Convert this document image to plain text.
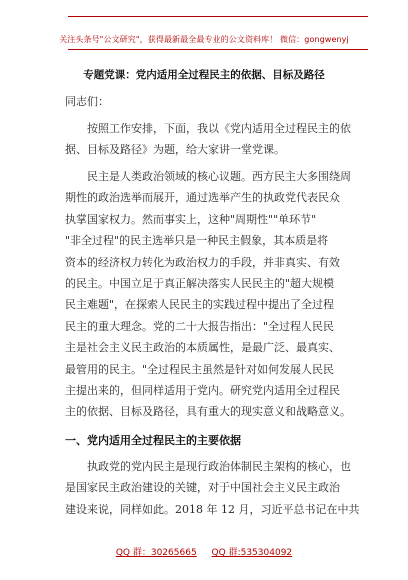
关注头条号"公文研究"，获得最新最全最专业的公文资料库！ 微信：gongwenyj
专题党课：党内适用全过程民主的依据、目标及路径
同志们：
按照工作安排，下面，我以《党内适用全过程民主的依
据、目标及路径》为题，给大家讲一堂党课。
民主是人类政治领域的核心议题。西方民主大多围绕周
期性的政治选举而展开，通过选举产生的执政党代表民众
执掌国家权力。然而事实上，这种"周期性""单环节"
"非全过程"的民主选举只是一种民主假象，其本质是将
资本的经济权力转化为政治权力的手段，并非真实、有效
的民主。中国立足于真正解决落实人民民主的"超大规模
民主难题"，在探索人民民主的实践过程中提出了全过程
民主的重大理念。党的二十大报告指出："全过程人民民
主是社会主义民主政治的本质属性，是最广泛、最真实、
最管用的民主。"全过程民主虽然是针对如何发展人民民
主提出来的，但同样适用于党内。研究党内适用全过程民
主的依据、目标及路径，具有重大的现实意义和战略意义。
一、党内适用全过程民主的主要依据
执政党的党内民主是现行政治体制民主架构的核心，也
是国家民主政治建设的关键，对于中国社会主义民主政治
建设来说，同样如此。2018 年 12 月，习近平总书记在中共
QQ 群：30265665 QQ 群:535304092
